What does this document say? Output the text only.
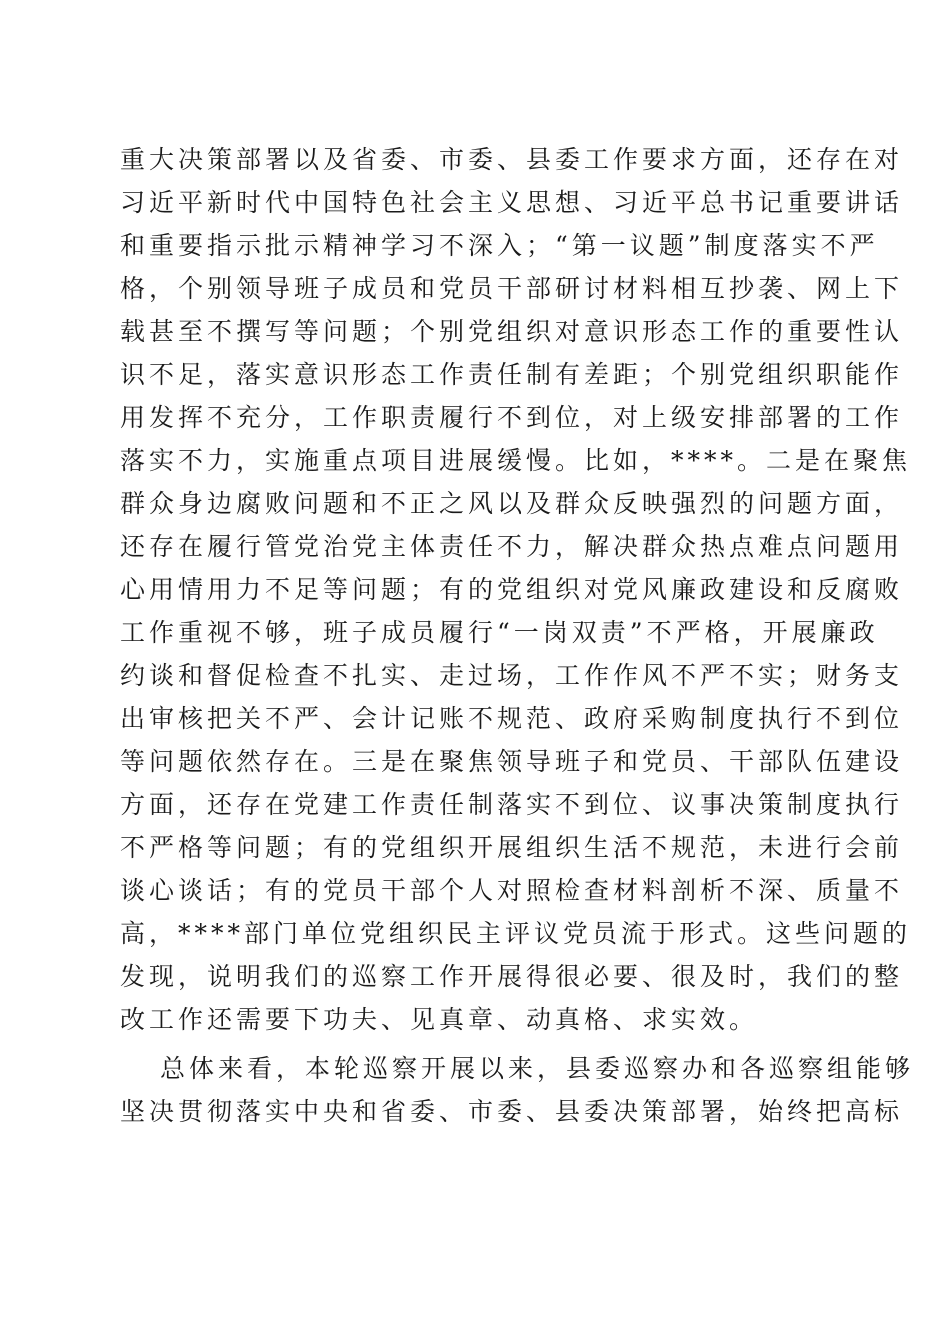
重大决策部署以及省委、市委、县委工作要求方面，还存在对
习近平新时代中国特色社会主义思想、习近平总书记重要讲话
和重要指示批示精神学习不深入；“第一议题”制度落实不严
格，个别领导班子成员和党员干部研讨材料相互抄袭、网上下
载甚至不撰写等问题；个别党组织对意识形态工作的重要性认
识不足，落实意识形态工作责任制有差距；个别党组织职能作
用发挥不充分，工作职责履行不到位，对上级安排部署的工作
落实不力，实施重点项目进展缓慢。比如，****。二是在聚焦
群众身边腐败问题和不正之风以及群众反映强烈的问题方面，
还存在履行管党治党主体责任不力，解决群众热点难点问题用
心用情用力不足等问题；有的党组织对党风廉政建设和反腐败
工作重视不够，班子成员履行“一岗双责”不严格，开展廉政
约谈和督促检查不扎实、走过场，工作作风不严不实；财务支
出审核把关不严、会计记账不规范、政府采购制度执行不到位
等问题依然存在。三是在聚焦领导班子和党员、干部队伍建设
方面，还存在党建工作责任制落实不到位、议事决策制度执行
不严格等问题；有的党组织开展组织生活不规范，未进行会前
谈心谈话；有的党员干部个人对照检查材料剖析不深、质量不
高，****部门单位党组织民主评议党员流于形式。这些问题的
发现，说明我们的巡察工作开展得很必要、很及时，我们的整
改工作还需要下功夫、见真章、动真格、求实效。
总体来看，本轮巡察开展以来，县委巡察办和各巡察组能够
坚决贯彻落实中央和省委、市委、县委决策部署，始终把高标
